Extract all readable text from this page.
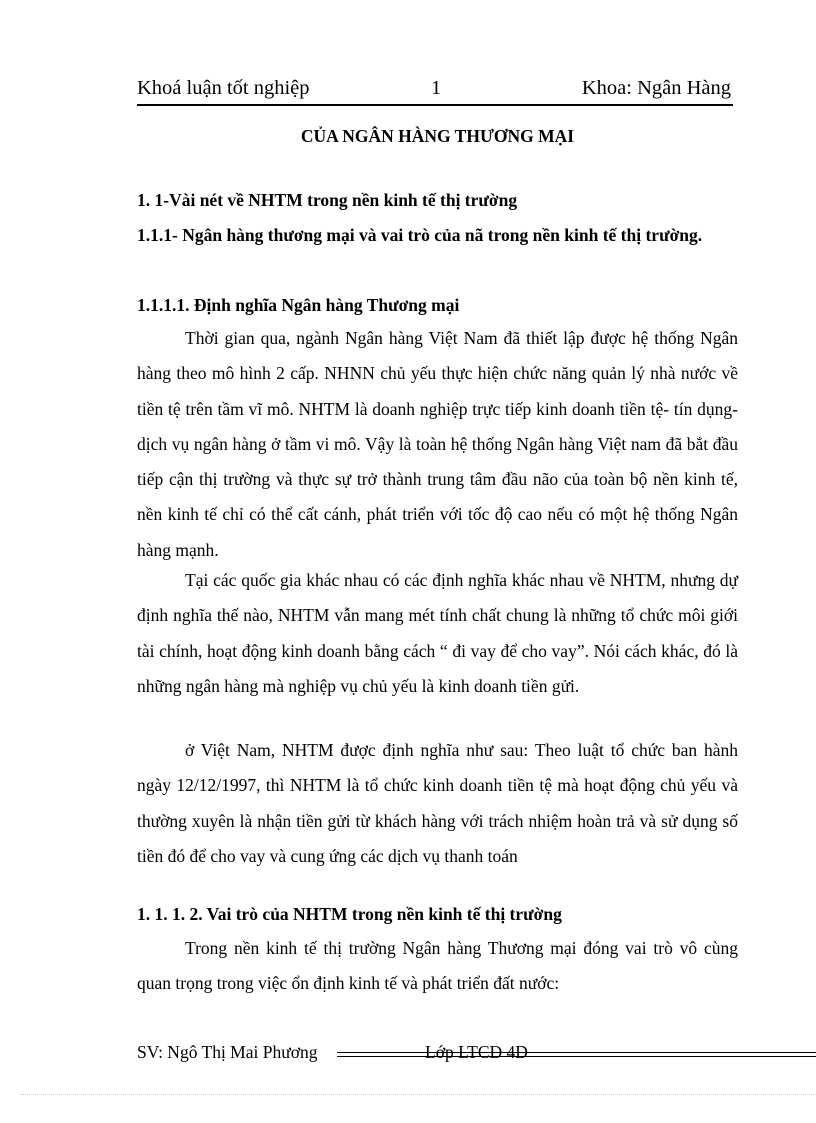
Khoá luận tốt nghiệp	1	Khoa: Ngân Hàng
CỦA NGÂN HÀNG THƯƠNG MẠI
1. 1-Vài nét về NHTM trong nền kinh tế thị trường
1.1.1- Ngân hàng thương mại và vai trò của nã trong nền kinh tế thị trường.
1.1.1.1. Định nghĩa Ngân hàng Thương mại

Thời gian qua, ngành Ngân hàng Việt Nam đã thiết lập được hệ thống Ngân hàng theo mô hình 2 cấp. NHNN chủ yếu thực hiện chức năng quản lý nhà nước về tiền tệ trên tầm vĩ mô. NHTM là doanh nghiệp trực tiếp kinh doanh tiền tệ- tín dụng- dịch vụ ngân hàng ở tầm vi mô. Vậy là toàn hệ thống Ngân hàng Việt nam đã bắt đầu tiếp cận thị trường và thực sự trở thành trung tâm đầu não của toàn bộ nền kinh tế, nền kinh tế chỉ có thể cất cánh, phát triển với tốc độ cao nếu có một hệ thống Ngân hàng mạnh.

Tại các quốc gia khác nhau có các định nghĩa khác nhau về NHTM, nhưng dự định nghĩa thế nào, NHTM vẫn mang mét tính chất chung là những tổ chức môi giới tài chính, hoạt động kinh doanh bằng cách “ đi vay để cho vay”. Nói cách khác, đó là những ngân hàng mà nghiệp vụ chủ yếu là kinh doanh tiền gửi.

ở Việt Nam, NHTM được định nghĩa như sau: Theo luật tổ chức ban hành ngày 12/12/1997, thì NHTM là tổ chức kinh doanh tiền tệ mà hoạt động chủ yếu và thường xuyên là nhận tiền gửi từ khách hàng với trách nhiệm hoàn trả và sử dụng số tiền đó để cho vay và cung ứng các dịch vụ thanh toán

1. 1. 1. 2. Vai trò của NHTM trong nền kinh tế thị trường

Trong nền kinh tế thị trường Ngân hàng Thương mại đóng vai trò vô cùng quan trọng trong việc ổn định kinh tế và phát triển đất nước:

SV: Ngô Thị Mai Phương	Lớp LTCĐ 4D
